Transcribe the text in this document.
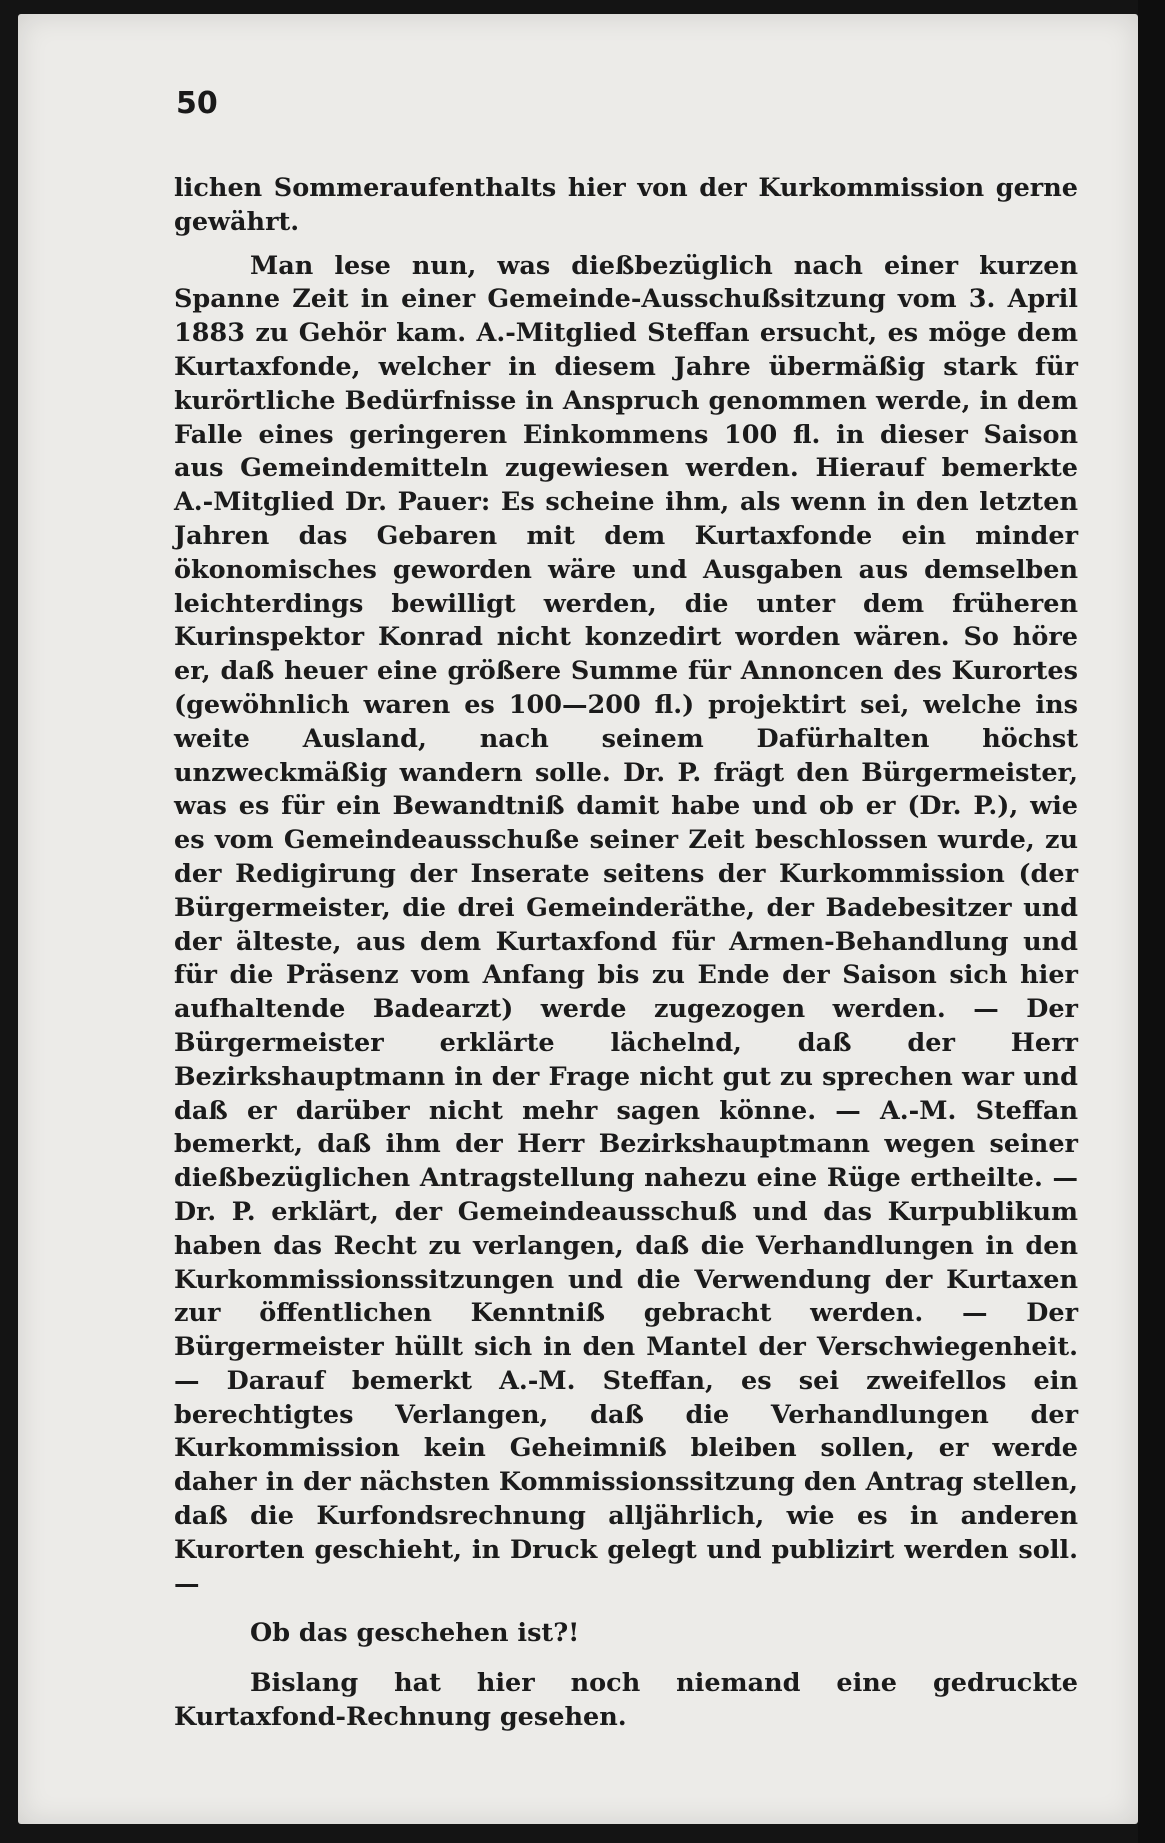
50

lichen Sommeraufenthalts hier von der Kurkommission gerne gewährt.

Man lese nun, was dießbezüglich nach einer kurzen Spanne Zeit in einer Gemeinde-Ausschußsitzung vom 3. April 1883 zu Gehör kam. A.-Mitglied Steffan ersucht, es möge dem Kurtaxfonde, welcher in diesem Jahre übermäßig stark für kurörtliche Bedürfnisse in Anspruch genommen werde, in dem Falle eines geringeren Einkommens 100 fl. in dieser Saison aus Gemeindemitteln zugewiesen werden. Hierauf bemerkte A.-Mitglied Dr. Pauer: Es scheine ihm, als wenn in den letzten Jahren das Gebaren mit dem Kurtaxfonde ein minder ökonomisches geworden wäre und Ausgaben aus demselben leichterdings bewilligt werden, die unter dem früheren Kurinspektor Konrad nicht konzedirt worden wären. So höre er, daß heuer eine größere Summe für Annoncen des Kurortes (gewöhnlich waren es 100—200 fl.) projektirt sei, welche ins weite Ausland, nach seinem Dafürhalten höchst unzweckmäßig wandern solle. Dr. P. frägt den Bürgermeister, was es für ein Bewandtniß damit habe und ob er (Dr. P.), wie es vom Gemeindeausschuße seiner Zeit beschlossen wurde, zu der Redigirung der Inserate seitens der Kurkommission (der Bürgermeister, die drei Gemeinderäthe, der Badebesitzer und der älteste, aus dem Kurtaxfond für Armen-Behandlung und für die Präsenz vom Anfang bis zu Ende der Saison sich hier aufhaltende Badearzt) werde zugezogen werden. — Der Bürgermeister erklärte lächelnd, daß der Herr Bezirkshauptmann in der Frage nicht gut zu sprechen war und daß er darüber nicht mehr sagen könne. — A.-M. Steffan bemerkt, daß ihm der Herr Bezirkshauptmann wegen seiner dießbezüglichen Antragstellung nahezu eine Rüge ertheilte. — Dr. P. erklärt, der Gemeindeausschuß und das Kurpublikum haben das Recht zu verlangen, daß die Verhandlungen in den Kurkommissionssitzungen und die Verwendung der Kurtaxen zur öffentlichen Kenntniß gebracht werden. — Der Bürgermeister hüllt sich in den Mantel der Verschwiegenheit. — Darauf bemerkt A.-M. Steffan, es sei zweifellos ein berechtigtes Verlangen, daß die Verhandlungen der Kurkommission kein Geheimniß bleiben sollen, er werde daher in der nächsten Kommissionssitzung den Antrag stellen, daß die Kurfondsrechnung alljährlich, wie es in anderen Kurorten geschieht, in Druck gelegt und publizirt werden soll. —

Ob das geschehen ist?!

Bislang hat hier noch niemand eine gedruckte Kurtaxfond-Rechnung gesehen.
